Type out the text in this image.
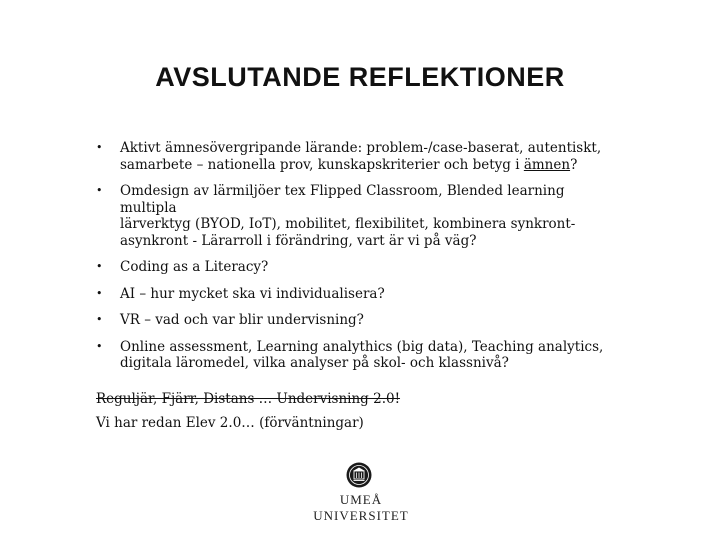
AVSLUTANDE REFLEKTIONER
• Aktivt ämnesövergripande lärande: problem-/case-baserat, autentiskt,
samarbete – nationella prov, kunskapskriterier och betyg i ämnen?
• Omdesign av lärmiljöer tex Flipped Classroom, Blended learning multipla
lärverktyg (BYOD, IoT), mobilitet, flexibilitet, kombinera synkront-
asynkront - Lärarroll i förändring, vart är vi på väg?
• Coding as a Literacy?
• AI – hur mycket ska vi individualisera?
• VR – vad och var blir undervisning?
• Online assessment, Learning analythics (big data), Teaching analytics,
digitala läromedel, vilka analyser på skol- och klassnivå?
Reguljär, Fjärr, Distans … Undervisning 2.0!
Vi har redan Elev 2.0… (förväntningar)
UMEÅ UNIVERSITET
